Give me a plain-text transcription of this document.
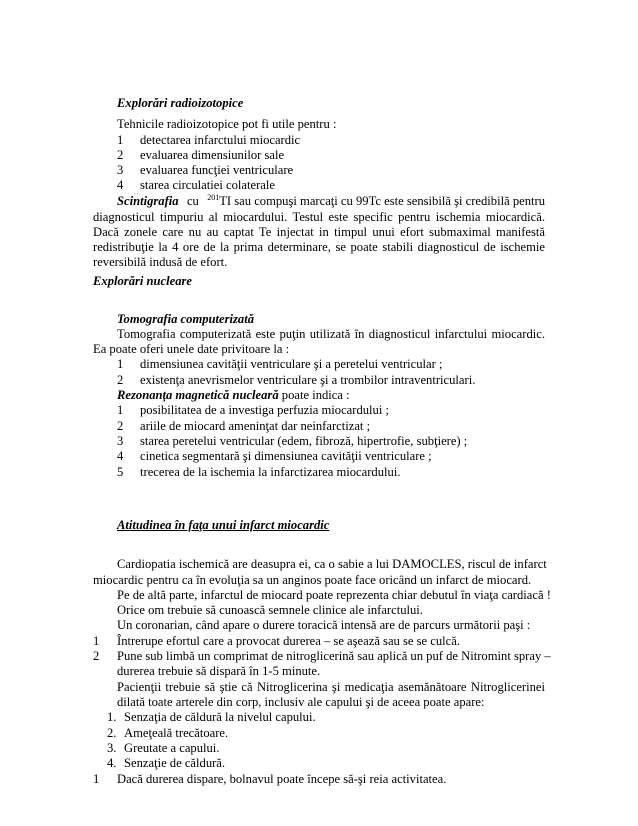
Explorări radioizotopice
Tehnicile radioizotopice pot fi utile pentru :
1 detectarea infarctului miocardic
2 evaluarea dimensiunilor sale
3 evaluarea funcţiei ventriculare
4 starea circulatiei colaterale
Scintigrafia cu $^{201}$TI sau compuşi marcaţi cu 99Tc este sensibilă şi credibilă pentru
diagnosticul timpuriu al miocardului. Testul este specific pentru ischemia miocardică.
Dacă zonele care nu au captat Te injectat in timpul unui efort submaximal manifestă
redistribuţie la 4 ore de la prima determinare, se poate stabili diagnosticul de ischemie
reversibilă indusă de efort.
Explorări nucleare
Tomografia computerizată
Tomografia computerizată este puţin utilizată în diagnosticul infarctului miocardic.
Ea poate oferi unele date privitoare la :
1 dimensiunea cavităţii ventriculare şi a peretelui ventricular ;
2 existenţa anevrismelor ventriculare şi a trombilor intraventriculari.
Rezonanţa magnetică nucleară poate indica :
1 posibilitatea de a investiga perfuzia miocardului ;
2 ariile de miocard ameninţat dar neinfarctizat ;
3 starea peretelui ventricular (edem, fibroză, hipertrofie, subţiere) ;
4 cinetica segmentară şi dimensiunea cavităţii ventriculare ;
5 trecerea de la ischemia la infarctizarea miocardului.
Atitudinea în faţa unui infarct miocardic
Cardiopatia ischemică are deasupra ei, ca o sabie a lui DAMOCLES, riscul de infarct
miocardic pentru ca în evoluţia sa un anginos poate face oricând un infarct de miocard.
Pe de altă parte, infarctul de miocard poate reprezenta chiar debutul în viaţa cardiacă !
Orice om trebuie să cunoască semnele clinice ale infarctului.
Un coronarian, când apare o durere toracică intensă are de parcurs următorii paşi :
1 Întrerupe efortul care a provocat durerea – se aşează sau se se culcă.
2 Pune sub limbă un comprimat de nitroglicerină sau aplică un puf de Nitromint spray –
durerea trebuie să dispară în 1-5 minute.
Pacienţii trebuie să ştie că Nitroglicerina şi medicaţia asemănătoare Nitroglicerinei
dilată toate arterele din corp, inclusiv ale capului şi de aceea poate apare:
1. Senzaţia de căldură la nivelul capului.
2. Ameţeală trecătoare.
3. Greutate a capului.
4. Senzaţie de căldură.
1 Dacă durerea dispare, bolnavul poate începe să-şi reia activitatea.
